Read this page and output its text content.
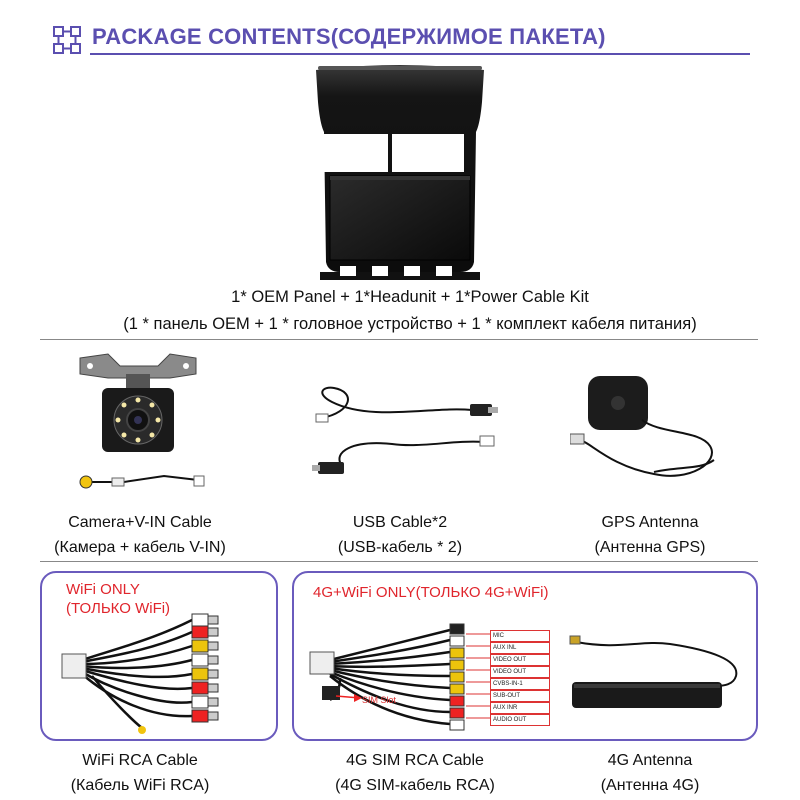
PACKAGE CONTENTS(СОДЕРЖИМОЕ ПАКЕТА)
1* OEM Panel + 1*Headunit + 1*Power Cable Kit
(1 * панель OEM + 1 * головное устройство + 1 * комплект кабеля питания)
Camera+V-IN Cable
(Камера + кабель V-IN)
USB Cable*2
(USB-кабель * 2)
GPS Antenna
(Антенна GPS)
WiFi ONLY
(ТОЛЬКО WiFi)
4G+WiFi ONLY(ТОЛЬКО 4G+WiFi)
MIC
AUX INL
VIDEO OUT
VIDEO OUT
CVBS-IN-1
SUB-OUT
AUX INR
AUDIO OUT
SIM Slot
WiFi RCA Cable
(Кабель WiFi RCA)
4G SIM RCA Cable
(4G SIM-кабель RCA)
4G Antenna
(Антенна 4G)
